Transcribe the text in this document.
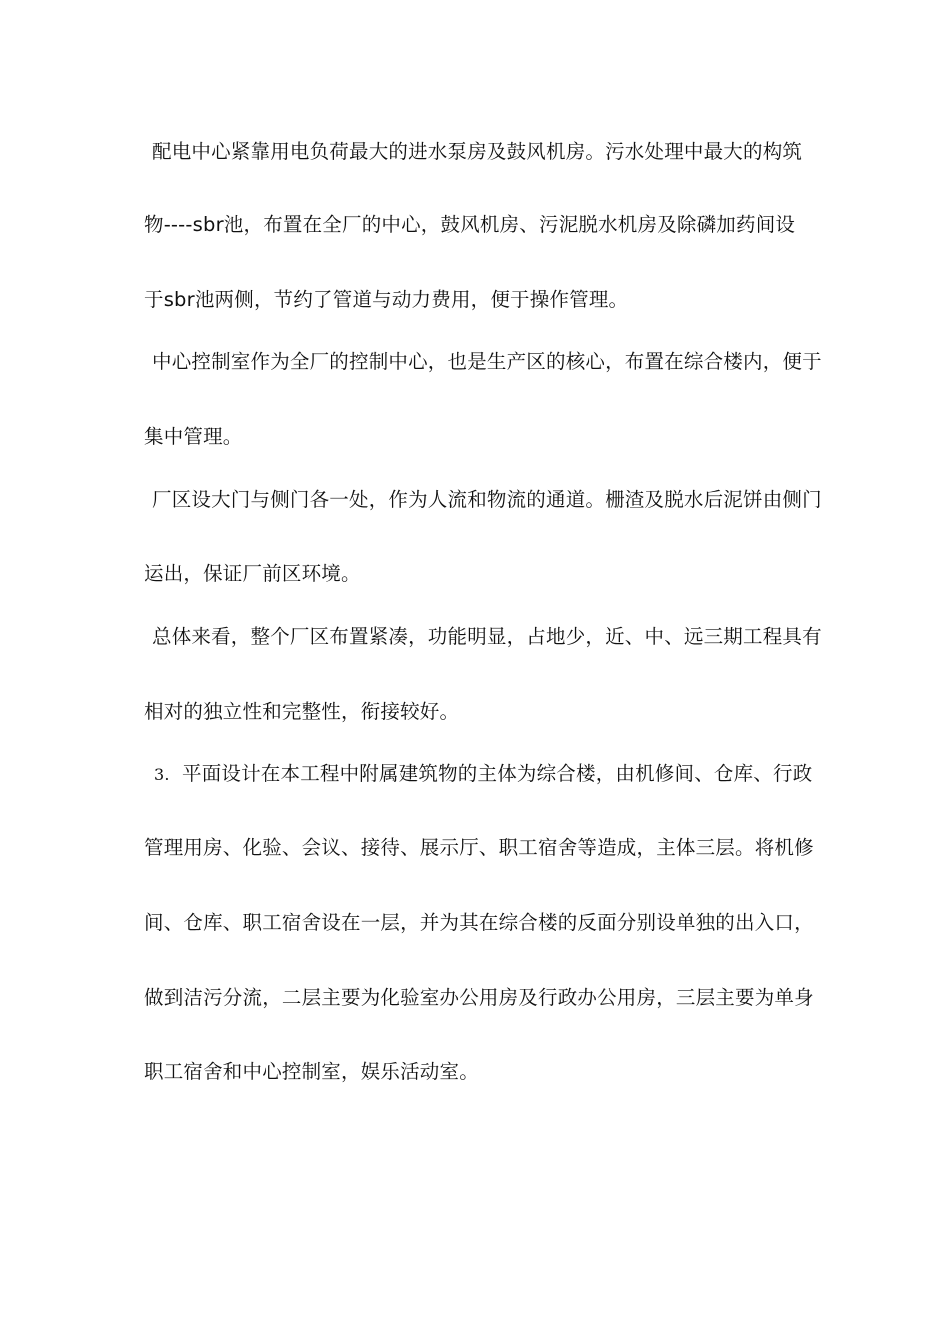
配电中心紧靠用电负荷最大的进水泵房及鼓风机房。污水处理中最大的构筑
物----sbr池，布置在全厂的中心，鼓风机房、污泥脱水机房及除磷加药间设
于sbr池两侧，节约了管道与动力费用，便于操作管理。
中心控制室作为全厂的控制中心，也是生产区的核心，布置在综合楼内，便于
集中管理。
厂区设大门与侧门各一处，作为人流和物流的通道。栅渣及脱水后泥饼由侧门
运出，保证厂前区环境。
总体来看，整个厂区布置紧凑，功能明显，占地少，近、中、远三期工程具有
相对的独立性和完整性，衔接较好。
3. 平面设计在本工程中附属建筑物的主体为综合楼，由机修间、仓库、行政
管理用房、化验、会议、接待、展示厅、职工宿舍等造成，主体三层。将机修
间、仓库、职工宿舍设在一层，并为其在综合楼的反面分别设单独的出入口，
做到洁污分流，二层主要为化验室办公用房及行政办公用房，三层主要为单身
职工宿舍和中心控制室，娱乐活动室。
